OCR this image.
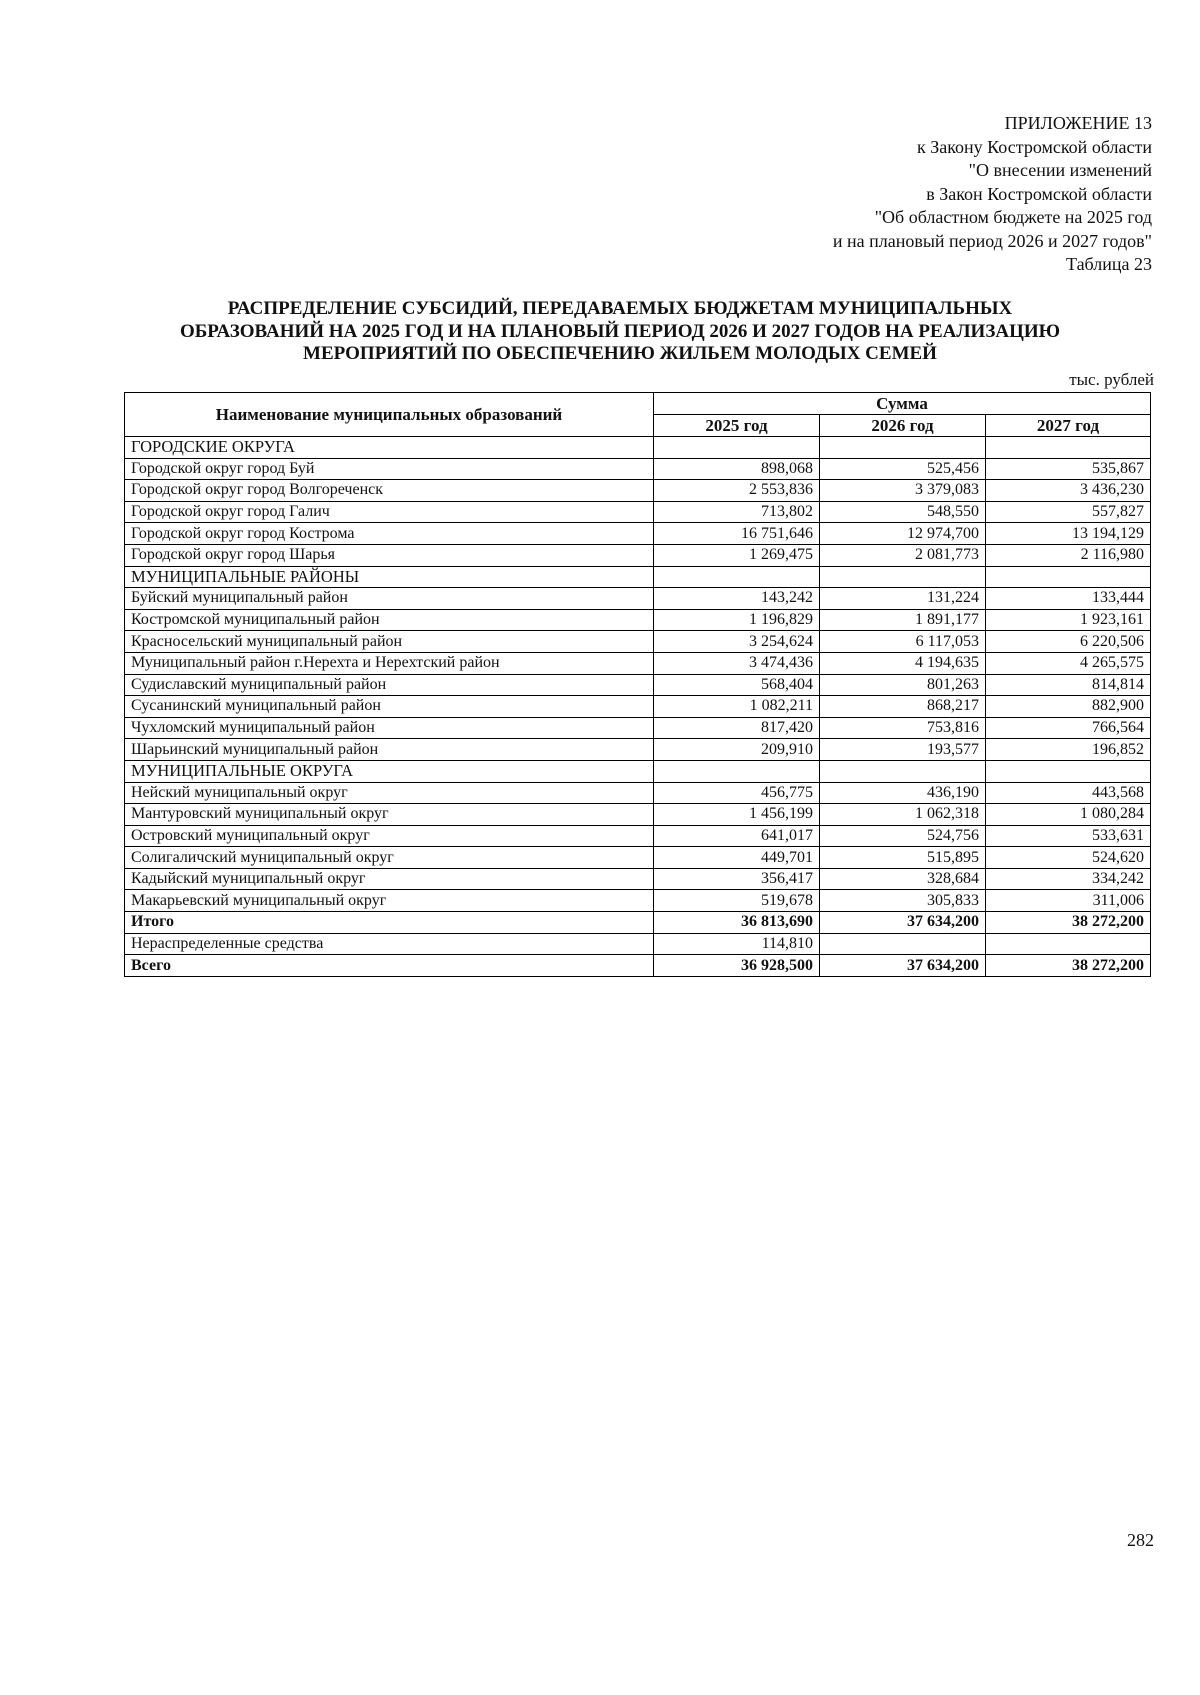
ПРИЛОЖЕНИЕ 13
к Закону Костромской области
"О внесении изменений
в Закон Костромской области
"Об областном бюджете на 2025 год
и на плановый период 2026 и 2027 годов"
Таблица 23
РАСПРЕДЕЛЕНИЕ СУБСИДИЙ, ПЕРЕДАВАЕМЫХ БЮДЖЕТАМ МУНИЦИПАЛЬНЫХ
ОБРАЗОВАНИЙ НА 2025 ГОД И НА ПЛАНОВЫЙ ПЕРИОД 2026 И 2027 ГОДОВ НА РЕАЛИЗАЦИЮ
МЕРОПРИЯТИЙ ПО ОБЕСПЕЧЕНИЮ ЖИЛЬЕМ МОЛОДЫХ СЕМЕЙ
тыс. рублей
Наименование муниципальных образований	Сумма		
	2025 год	2026 год	2027 год
ГОРОДСКИЕ ОКРУГА			
Городской округ город Буй	898,068	525,456	535,867
Городской округ город Волгореченск	2 553,836	3 379,083	3 436,230
Городской округ город Галич	713,802	548,550	557,827
Городской округ город Кострома	16 751,646	12 974,700	13 194,129
Городской округ город Шарья	1 269,475	2 081,773	2 116,980
МУНИЦИПАЛЬНЫЕ РАЙОНЫ			
Буйский муниципальный район	143,242	131,224	133,444
Костромской муниципальный район	1 196,829	1 891,177	1 923,161
Красносельский муниципальный район	3 254,624	6 117,053	6 220,506
Муниципальный район г.Нерехта и Нерехтский район	3 474,436	4 194,635	4 265,575
Судиславский муниципальный район	568,404	801,263	814,814
Сусанинский муниципальный район	1 082,211	868,217	882,900
Чухломский муниципальный район	817,420	753,816	766,564
Шарьинский муниципальный район	209,910	193,577	196,852
МУНИЦИПАЛЬНЫЕ ОКРУГА			
Нейский муниципальный округ	456,775	436,190	443,568
Мантуровский муниципальный округ	1 456,199	1 062,318	1 080,284
Островский муниципальный округ	641,017	524,756	533,631
Солигаличский муниципальный округ	449,701	515,895	524,620
Кадыйский муниципальный округ	356,417	328,684	334,242
Макарьевский муниципальный округ	519,678	305,833	311,006
Итого	36 813,690	37 634,200	38 272,200
Нераспределенные средства	114,810		
Всего	36 928,500	37 634,200	38 272,200
282
